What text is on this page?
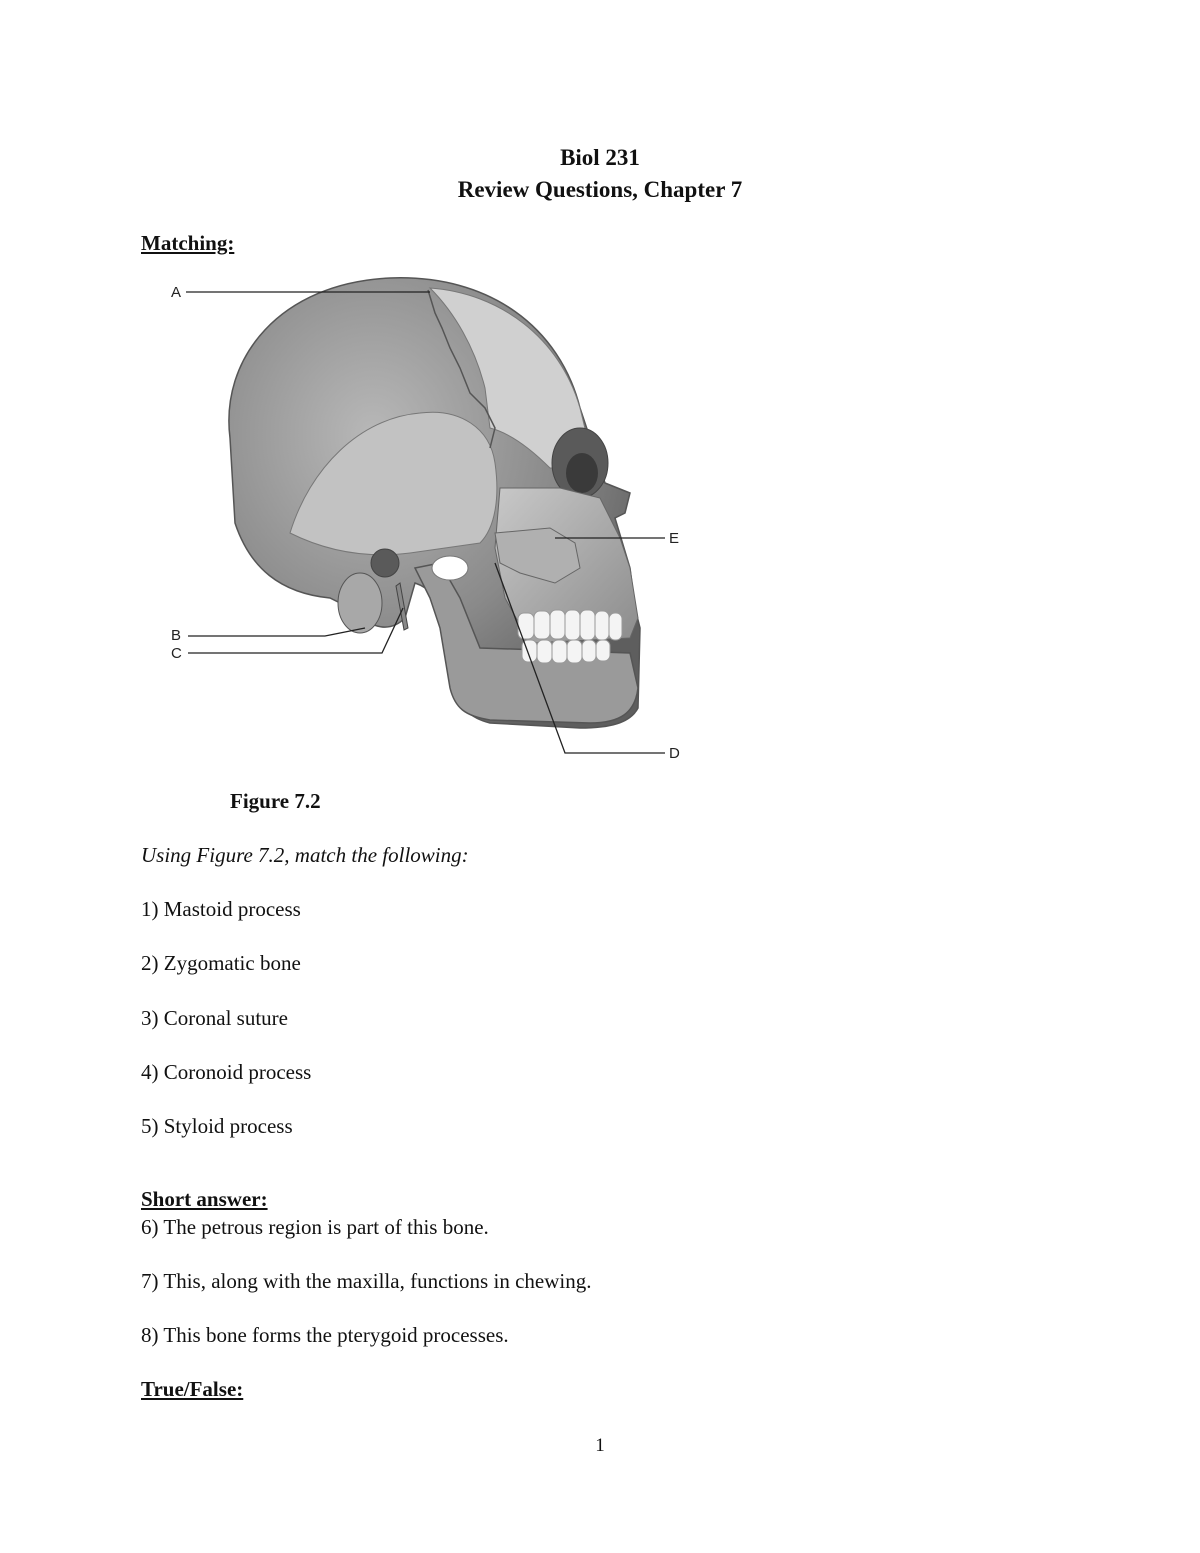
Biol 231
Review Questions, Chapter 7
Matching:
A
B
C
D
E
Figure 7.2
Using Figure 7.2, match the following:
1) Mastoid process
2) Zygomatic bone
3) Coronal suture
4) Coronoid process
5) Styloid process
Short answer:
6) The petrous region is part of this bone.
7) This, along with the maxilla, functions in chewing.
8) This bone forms the pterygoid processes.
True/False:
1
